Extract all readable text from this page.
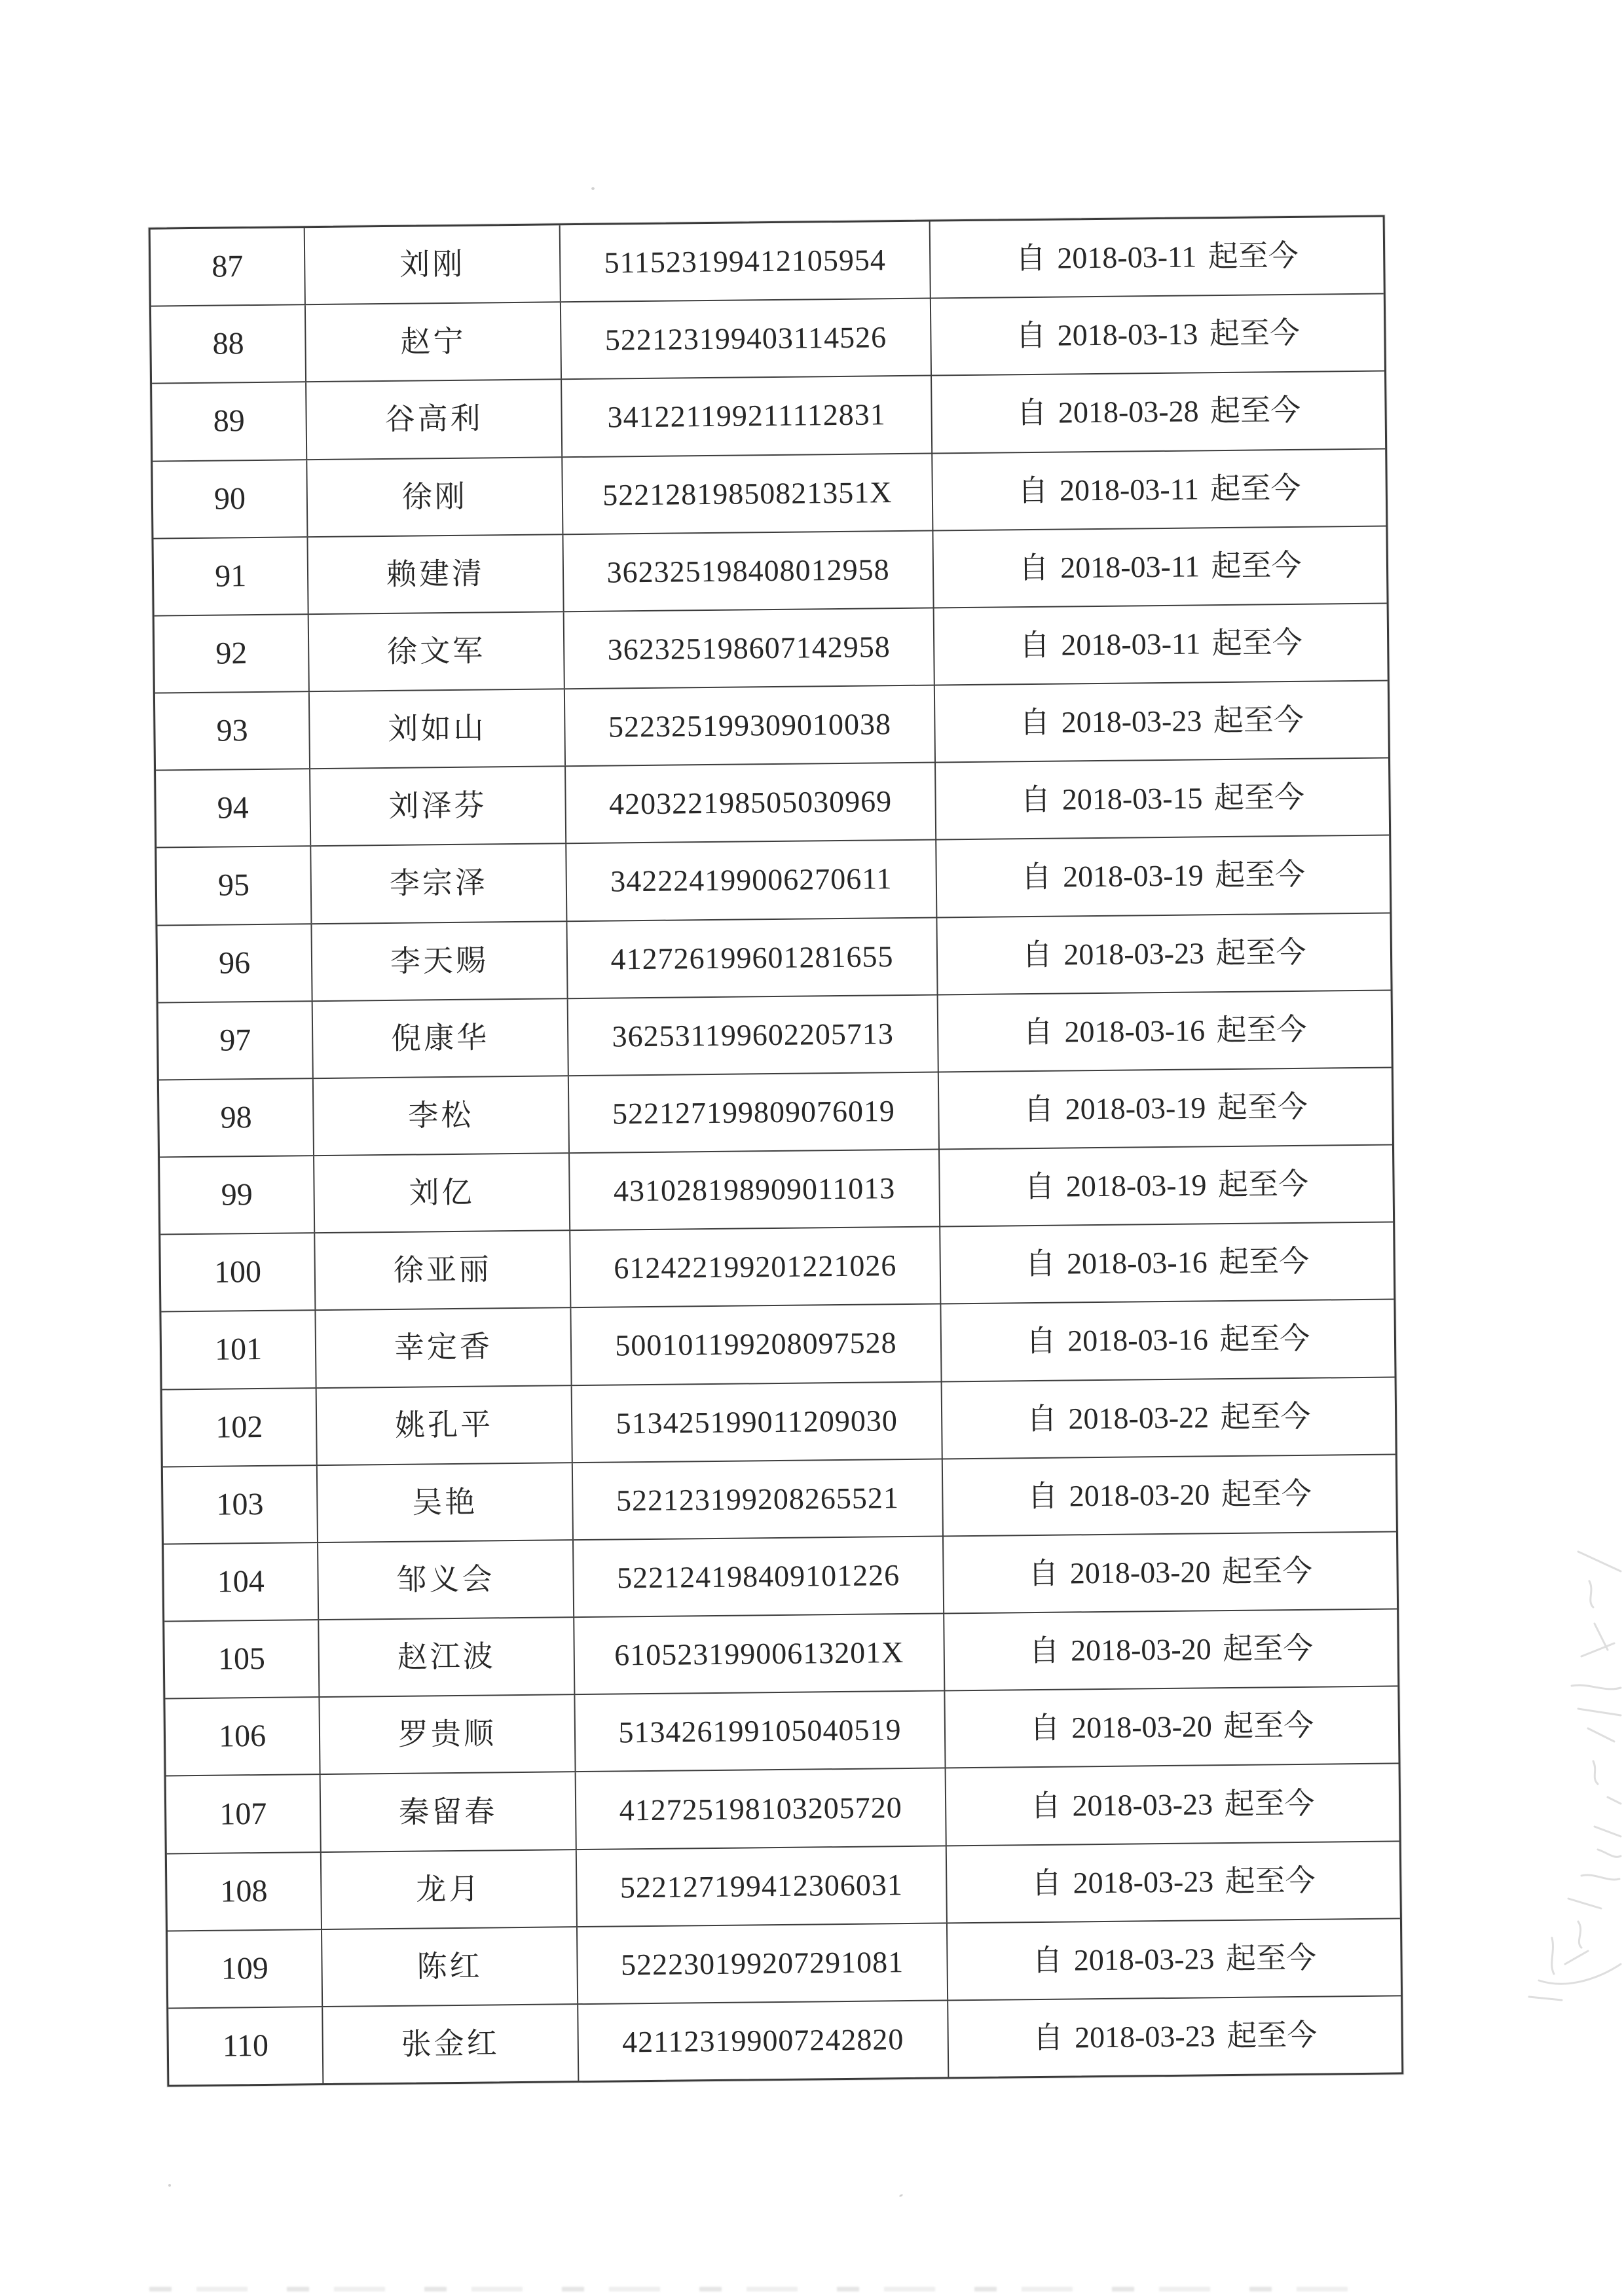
87	刘刚	511523199412105954	自 2018-03-11 起至今
88	赵宁	522123199403114526	自 2018-03-13 起至今
89	谷高利	341221199211112831	自 2018-03-28 起至今
90	徐刚	52212819850821351X	自 2018-03-11 起至今
91	赖建清	362325198408012958	自 2018-03-11 起至今
92	徐文军	362325198607142958	自 2018-03-11 起至今
93	刘如山	522325199309010038	自 2018-03-23 起至今
94	刘泽芬	420322198505030969	自 2018-03-15 起至今
95	李宗泽	342224199006270611	自 2018-03-19 起至今
96	李天赐	412726199601281655	自 2018-03-23 起至今
97	倪康华	362531199602205713	自 2018-03-16 起至今
98	李松	522127199809076019	自 2018-03-19 起至今
99	刘亿	431028198909011013	自 2018-03-19 起至今
100	徐亚丽	612422199201221026	自 2018-03-16 起至今
101	幸定香	500101199208097528	自 2018-03-16 起至今
102	姚孔平	513425199011209030	自 2018-03-22 起至今
103	吴艳	522123199208265521	自 2018-03-20 起至今
104	邹义会	522124198409101226	自 2018-03-20 起至今
105	赵江波	61052319900613201X	自 2018-03-20 起至今
106	罗贵顺	513426199105040519	自 2018-03-20 起至今
107	秦留春	412725198103205720	自 2018-03-23 起至今
108	龙月	522127199412306031	自 2018-03-23 起至今
109	陈红	522230199207291081	自 2018-03-23 起至今
110	张金红	421123199007242820	自 2018-03-23 起至今
